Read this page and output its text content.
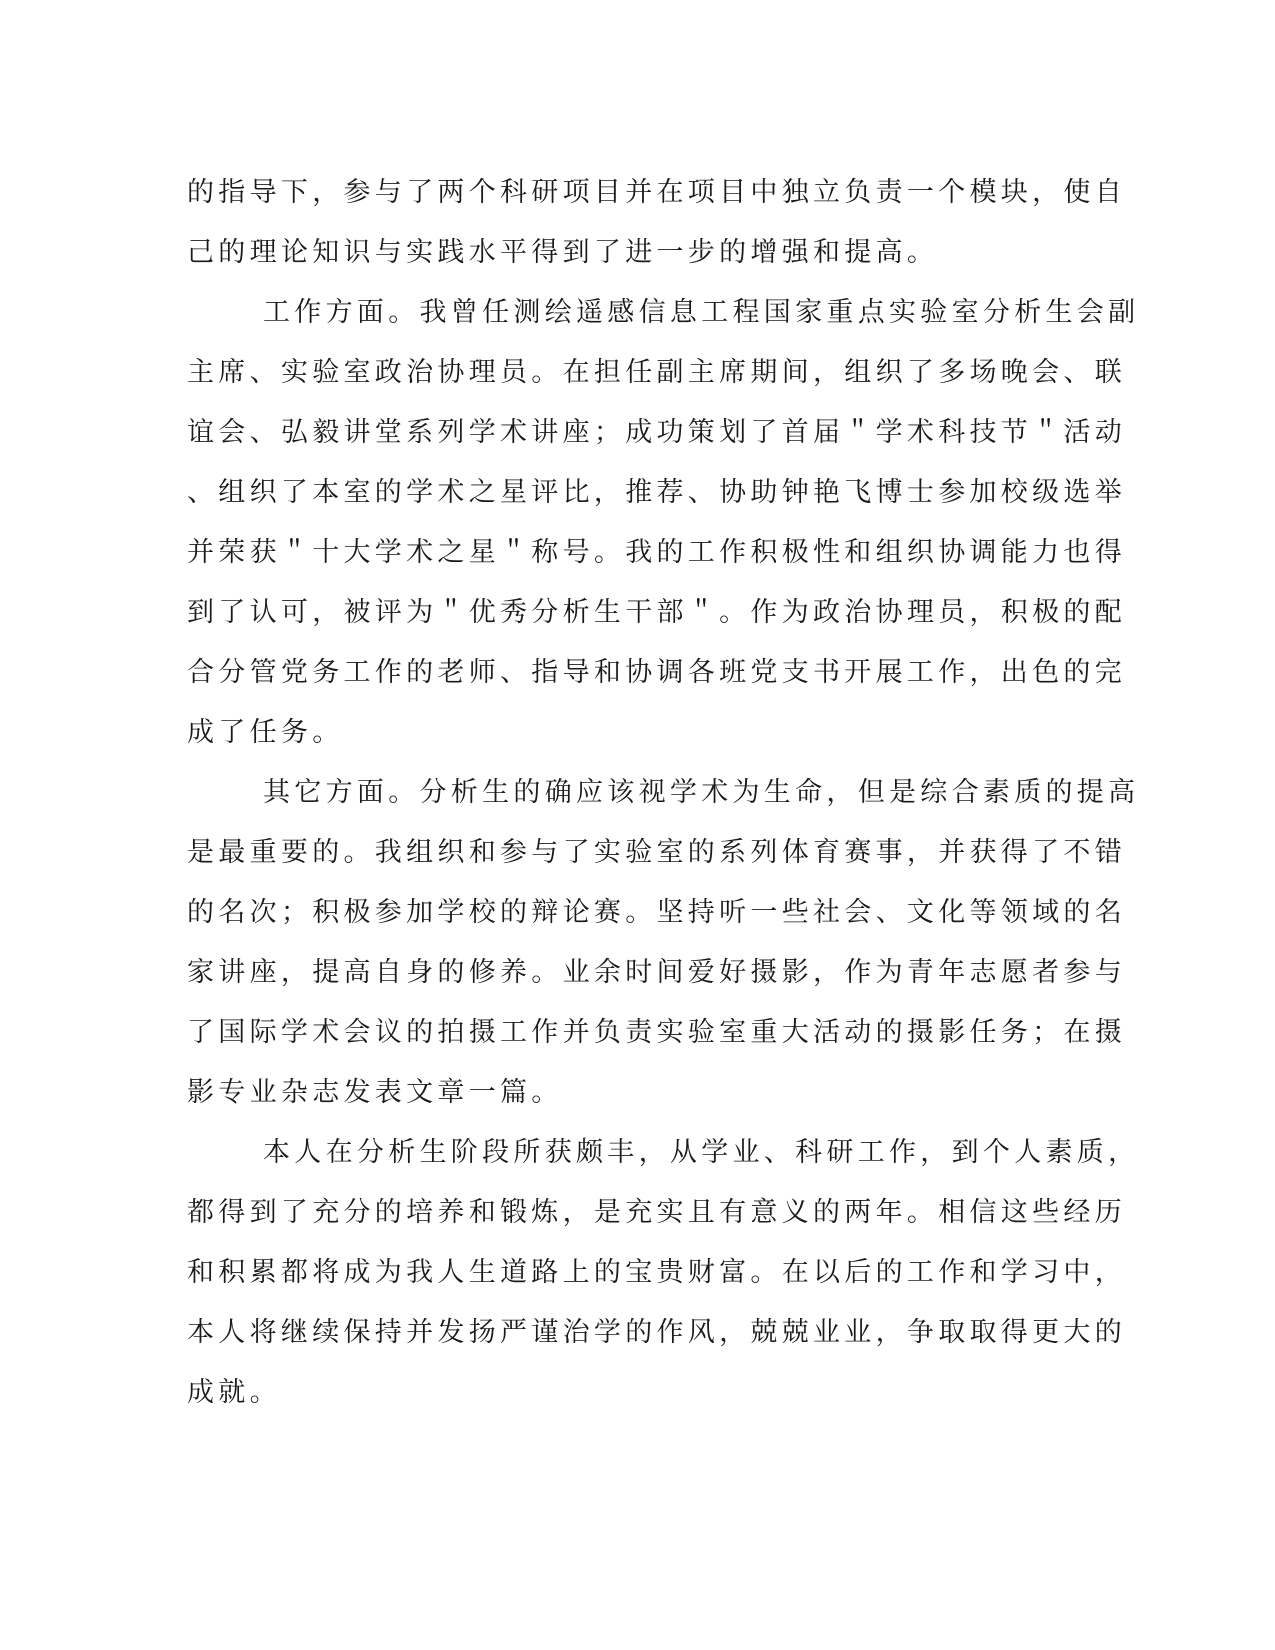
的指导下，参与了两个科研项目并在项目中独立负责一个模块，使自
己的理论知识与实践水平得到了进一步的增强和提高。
工作方面。我曾任测绘遥感信息工程国家重点实验室分析生会副
主席、实验室政治协理员。在担任副主席期间，组织了多场晚会、联
谊会、弘毅讲堂系列学术讲座；成功策划了首届＂学术科技节＂活动
、组织了本室的学术之星评比，推荐、协助钟艳飞博士参加校级选举
并荣获＂十大学术之星＂称号。我的工作积极性和组织协调能力也得
到了认可，被评为＂优秀分析生干部＂。作为政治协理员，积极的配
合分管党务工作的老师、指导和协调各班党支书开展工作，出色的完
成了任务。
其它方面。分析生的确应该视学术为生命，但是综合素质的提高
是最重要的。我组织和参与了实验室的系列体育赛事，并获得了不错
的名次；积极参加学校的辩论赛。坚持听一些社会、文化等领域的名
家讲座，提高自身的修养。业余时间爱好摄影，作为青年志愿者参与
了国际学术会议的拍摄工作并负责实验室重大活动的摄影任务；在摄
影专业杂志发表文章一篇。
本人在分析生阶段所获颇丰，从学业、科研工作，到个人素质，
都得到了充分的培养和锻炼，是充实且有意义的两年。相信这些经历
和积累都将成为我人生道路上的宝贵财富。在以后的工作和学习中，
本人将继续保持并发扬严谨治学的作风，兢兢业业，争取取得更大的
成就。
